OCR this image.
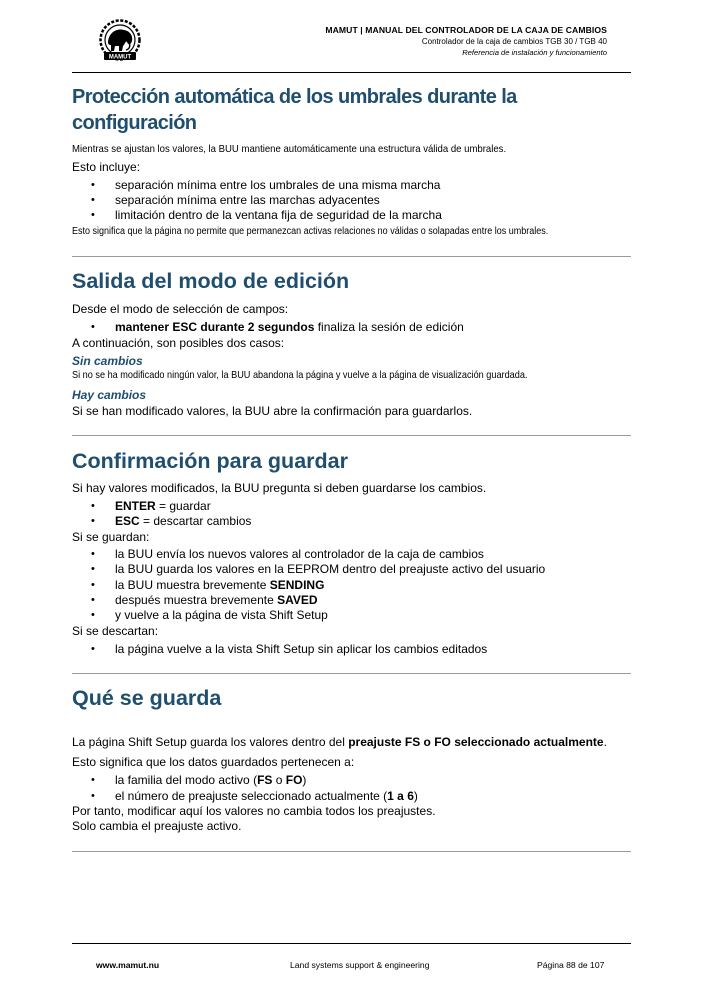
MAMUT
MAMUT | MANUAL DEL CONTROLADOR DE LA CAJA DE CAMBIOS
Controlador de la caja de cambios TGB 30 / TGB 40
Referencia de instalación y funcionamiento
Protección automática de los umbrales durante la configuración

Mientras se ajustan los valores, la BUU mantiene automáticamente una estructura válida de umbrales.

Esto incluye:

• separación mínima entre los umbrales de una misma marcha
• separación mínima entre las marchas adyacentes
• limitación dentro de la ventana fija de seguridad de la marcha

Esto significa que la página no permite que permanezcan activas relaciones no válidas o solapadas entre los umbrales.

Salida del modo de edición

Desde el modo de selección de campos:

• mantener ESC durante 2 segundos finaliza la sesión de edición

A continuación, son posibles dos casos:

Sin cambios

Si no se ha modificado ningún valor, la BUU abandona la página y vuelve a la página de visualización guardada.

Hay cambios

Si se han modificado valores, la BUU abre la confirmación para guardarlos.

Confirmación para guardar

Si hay valores modificados, la BUU pregunta si deben guardarse los cambios.

• ENTER = guardar
• ESC = descartar cambios

Si se guardan:

• la BUU envía los nuevos valores al controlador de la caja de cambios
• la BUU guarda los valores en la EEPROM dentro del preajuste activo del usuario
• la BUU muestra brevemente SENDING
• después muestra brevemente SAVED
• y vuelve a la página de vista Shift Setup

Si se descartan:

• la página vuelve a la vista Shift Setup sin aplicar los cambios editados
Qué se guarda

La página Shift Setup guarda los valores dentro del preajuste FS o FO seleccionado actualmente.

Esto significa que los datos guardados pertenecen a:

• la familia del modo activo (FS o FO)
• el número de preajuste seleccionado actualmente (1 a 6)

Por tanto, modificar aquí los valores no cambia todos los preajustes.

Solo cambia el preajuste activo.

www.mamut.nu	Land systems support & engineering	Página 88 de 107
